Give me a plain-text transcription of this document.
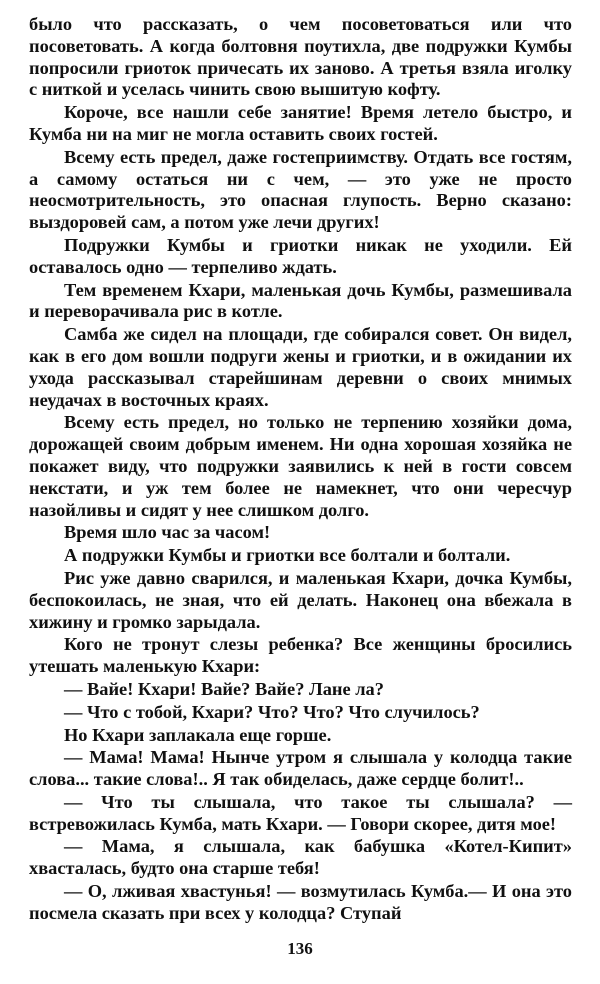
было что рассказать, о чем посоветоваться или что посоветовать. А когда болтовня поутихла, две подружки Кумбы попросили гриоток причесать их заново. А третья взяла иголку с ниткой и уселась чинить свою вышитую кофту.

Короче, все нашли себе занятие! Время летело быстро, и Кумба ни на миг не могла оставить своих гостей.

Всему есть предел, даже гостеприимству. Отдать все гостям, а самому остаться ни с чем, — это уже не просто неосмотрительность, это опасная глупость. Верно сказано: выздоровей сам, а потом уже лечи других!

Подружки Кумбы и гриотки никак не уходили. Ей оставалось одно — терпеливо ждать.

Тем временем Кхари, маленькая дочь Кумбы, размешивала и переворачивала рис в котле.

Самба же сидел на площади, где собирался совет. Он видел, как в его дом вошли подруги жены и гриотки, и в ожидании их ухода рассказывал старейшинам деревни о своих мнимых неудачах в восточных краях.

Всему есть предел, но только не терпению хозяйки дома, дорожащей своим добрым именем. Ни одна хорошая хозяйка не покажет виду, что подружки заявились к ней в гости совсем некстати, и уж тем более не намекнет, что они чересчур назойливы и сидят у нее слишком долго.

Время шло час за часом!

А подружки Кумбы и гриотки все болтали и болтали.

Рис уже давно сварился, и маленькая Кхари, дочка Кумбы, беспокоилась, не зная, что ей делать. Наконец она вбежала в хижину и громко зарыдала.

Кого не тронут слезы ребенка? Все женщины бросились утешать маленькую Кхари:

— Вайе! Кхари! Вайе? Вайе? Лане ла?

— Что с тобой, Кхари? Что? Что? Что случилось?

Но Кхари заплакала еще горше.

— Мама! Мама! Нынче утром я слышала у колодца такие слова... такие слова!.. Я так обиделась, даже сердце болит!..

— Что ты слышала, что такое ты слышала? — встревожилась Кумба, мать Кхари. — Говори скорее, дитя мое!

— Мама, я слышала, как бабушка «Котел-Кипит» хвасталась, будто она старше тебя!

— О, лживая хвастунья! — возмутилась Кумба.— И она это посмела сказать при всех у колодца? Ступай

136
